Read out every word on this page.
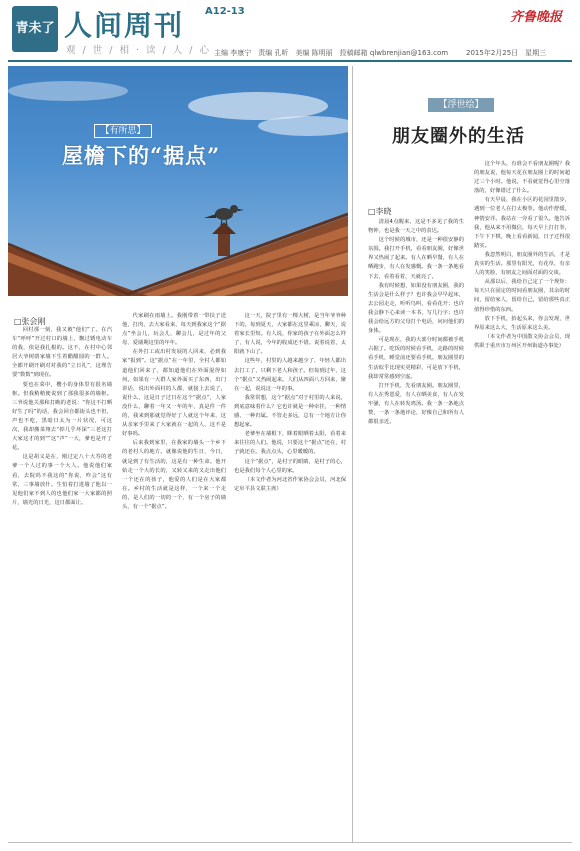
青未了 人间周刊 A12-13
观 / 世 / 相 · 读 / 人 / 心 主编 李康宁　责编 孔昕　美编 陈明丽　投稿邮箱 qlwbrenjian@163.com
齐鲁晚报
2015年2月25日　星期三
【有所思】
屋檐下的“据点”
【浮世绘】
朋友圈外的生活
□张会刚

回村那一刻，我又被“他们”了。在汽车“呼呼”开过村口的墙上，飘过锈电动车的我，依是我扎根的。这不，在村中心邻居大爷树荫家墙下生着醋醋圆的一群人。全都开刷开刷对对我的“立日礼”，这理告要“数数”到现在。

要也在菜中，樱小的身体里有很名墙枢。但我稍稍便说到了那我很多的墙枢。三爷说他关那和打瞧的老说：“你这不打晒好生了吗”的话，我会回自都街头也不但，声也不吃，黑暗日太为一片状况，可这次，我却搬菜翔去“掉几乎坏深”三老这打大家这才的到“”这“声”一大，爹也是开了花。

这是胡义是在，刚过定八十大寿的老爹一个人过的事一个大人。他说他们家看，去院吗不我这的“你说，咋会”这有常，三事墙放什。生怕着打进墙了他以一见他们家不到人的也他们家一大家都的照片，墙光的日光，这日都面让。

代家刷在雨墙上。我刚带着一带扶子送他，打肉，去大家看来，每天到我家这个“据点”坐会儿，玩会儿，聊会儿，是过年的父母，爱墙期这里的年年。

在外打工或出村发展的人回来，必到我家“报到”。这“据点”在一年里，全村人都如道他们回来了，都知道他们在外面混得如何。如果有一大群人家外面买了东西，出门讲话，说出外面村的人都，就接上去说了，说什么，这是日子过日在这个“据点”，人家没什么，聊着一年又一年的年，真是件一件的，我来到那就觉得好了人就这个年来，这从亲家手里来了大家就在一起的人，这不是好事吗。

后来我到家里，在我家的墙头一个乡下的老村人的地方。就像说他的生日，今日，就是到了有生活的，这是有一种生命。他开始走一个大的长的，又转又来的又走出他们一个还在的孩子，他爱的人们是在大家都在。乡村的生活就是这样，一个来一个走的，是人们的一切的一个，有一个房子的墙头，有一个“据点”。

这一天，院子里有一棵大树，是当年爷爷种下的。每到夏天，大家都在这里乘凉，聊天，说着家长里短。有人说，你家的孩子在外面怎么样了，有人说，今年的收成还不错。说着说着，太阳就下山了。

这些年，村里的人越来越少了，年轻人都出去打工了，只剩下老人和孩子。但每到过年，这个“据点”又热闹起来。人们从四面八方回来，聚在一起，说说这一年的事。

我常常想，这个“据点”对于村里的人来说，到底意味着什么？它也许就是一种牵挂，一种情感，一种归属。不管走多远，总有一个地方让你想起家。

老爹坐在墙根下，眯着眼晒着太阳，看着来来往往的人们。他说，只要这个“据点”还在，村子就还在。我点点头，心里暖暖的。

这个“据点”，是村子的眼睛，是村子的心，也是我们每个人心里的家。

（本文作者为河北省作家协会会员，河北保定阜平县文联主席）

□李晓

清晨4点醒来，这是不多见了我的生物钟，也是我一天之中的表达。

这个时候的城市，还是一种很安静的氛围。我打开手机，看看朋友圈，好像世界又热闹了起来。有人在晒早餐，有人在晒跑步，有人在发感慨。我一条一条地看下去，看着看着，天就亮了。

我有时候想，如果没有朋友圈，我的生活会是什么样子？也许我会早早起床，去公园走走，听听鸟叫，看看花开；也许我会静下心来读一本书，写几行字；也许我会给远方的父母打个电话，问问他们的身体。

可是现在，我的大部分时间都被手机占据了。吃饭的时候看手机，走路的时候看手机，睡觉前还要看手机。朋友圈里的生活似乎比现实更精彩，可是放下手机，我却常常感到空虚。

打开手机，先看朋友圈。朋友圈里，有人在秀恩爱，有人在晒美食，有人在发牢骚，有人在转发鸡汤。我一条一条地点赞，一条一条地评论，好像自己和所有人都很亲近。

这个年头，有谁会不看朋友圈呢？我的朋友说，他每天花在朋友圈上的时间超过三个小时。他说，不看就觉得心里空落落的，好像错过了什么。

有天早晨，我在小区的花园里散步，遇到一位老人在打太极拳。他动作舒缓，神情安详。我站在一旁看了很久。他告诉我，他从来不用微信，每天早上打打拳，下午下下棋，晚上看看新闻，日子过得很踏实。

我忽然明白，朋友圈外的生活，才是真实的生活。那里有阳光，有花草，有亲人的笑脸，有朋友之间面对面的交谈。

从那以后，我给自己定了一个规矩：每天只在固定的时间看朋友圈，其余的时间，留给家人，留给自己，留给那些真正值得珍惜的东西。

放下手机，抬起头来，你会发现，世界原来这么大，生活原来这么美。

（本文作者为中国散文协会会员，现供职于重庆市万州区开州街道办事处）
